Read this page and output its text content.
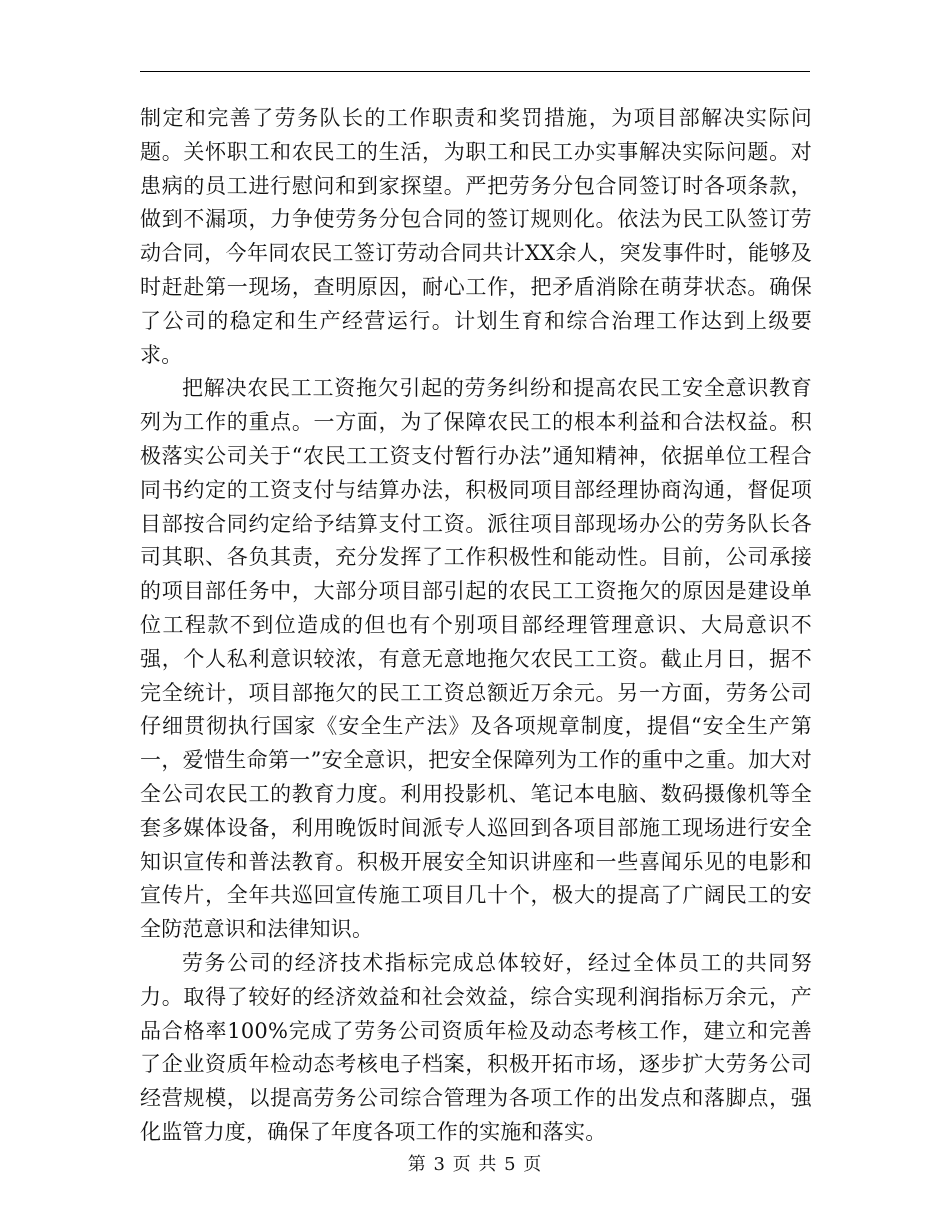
制定和完善了劳务队长的工作职责和奖罚措施，为项目部解决实际问题。关怀职工和农民工的生活，为职工和民工办实事解决实际问题。对患病的员工进行慰问和到家探望。严把劳务分包合同签订时各项条款，做到不漏项，力争使劳务分包合同的签订规则化。依法为民工队签订劳动合同，今年同农民工签订劳动合同共计XX余人，突发事件时，能够及时赶赴第一现场，查明原因，耐心工作，把矛盾消除在萌芽状态。确保了公司的稳定和生产经营运行。计划生育和综合治理工作达到上级要求。

把解决农民工工资拖欠引起的劳务纠纷和提高农民工安全意识教育列为工作的重点。一方面，为了保障农民工的根本利益和合法权益。积极落实公司关于“农民工工资支付暂行办法”通知精神，依据单位工程合同书约定的工资支付与结算办法，积极同项目部经理协商沟通，督促项目部按合同约定给予结算支付工资。派往项目部现场办公的劳务队长各司其职、各负其责，充分发挥了工作积极性和能动性。目前，公司承接的项目部任务中，大部分项目部引起的农民工工资拖欠的原因是建设单位工程款不到位造成的但也有个别项目部经理管理意识、大局意识不强，个人私利意识较浓，有意无意地拖欠农民工工资。截止月日，据不完全统计，项目部拖欠的民工工资总额近万余元。另一方面，劳务公司仔细贯彻执行国家《安全生产法》及各项规章制度，提倡“安全生产第一，爱惜生命第一”安全意识，把安全保障列为工作的重中之重。加大对全公司农民工的教育力度。利用投影机、笔记本电脑、数码摄像机等全套多媒体设备，利用晚饭时间派专人巡回到各项目部施工现场进行安全知识宣传和普法教育。积极开展安全知识讲座和一些喜闻乐见的电影和宣传片，全年共巡回宣传施工项目几十个，极大的提高了广阔民工的安全防范意识和法律知识。

劳务公司的经济技术指标完成总体较好，经过全体员工的共同努力。取得了较好的经济效益和社会效益，综合实现利润指标万余元，产品合格率100%完成了劳务公司资质年检及动态考核工作，建立和完善了企业资质年检动态考核电子档案，积极开拓市场，逐步扩大劳务公司经营规模，以提高劳务公司综合管理为各项工作的出发点和落脚点，强化监管力度，确保了年度各项工作的实施和落实。

第 3 页 共 5 页
